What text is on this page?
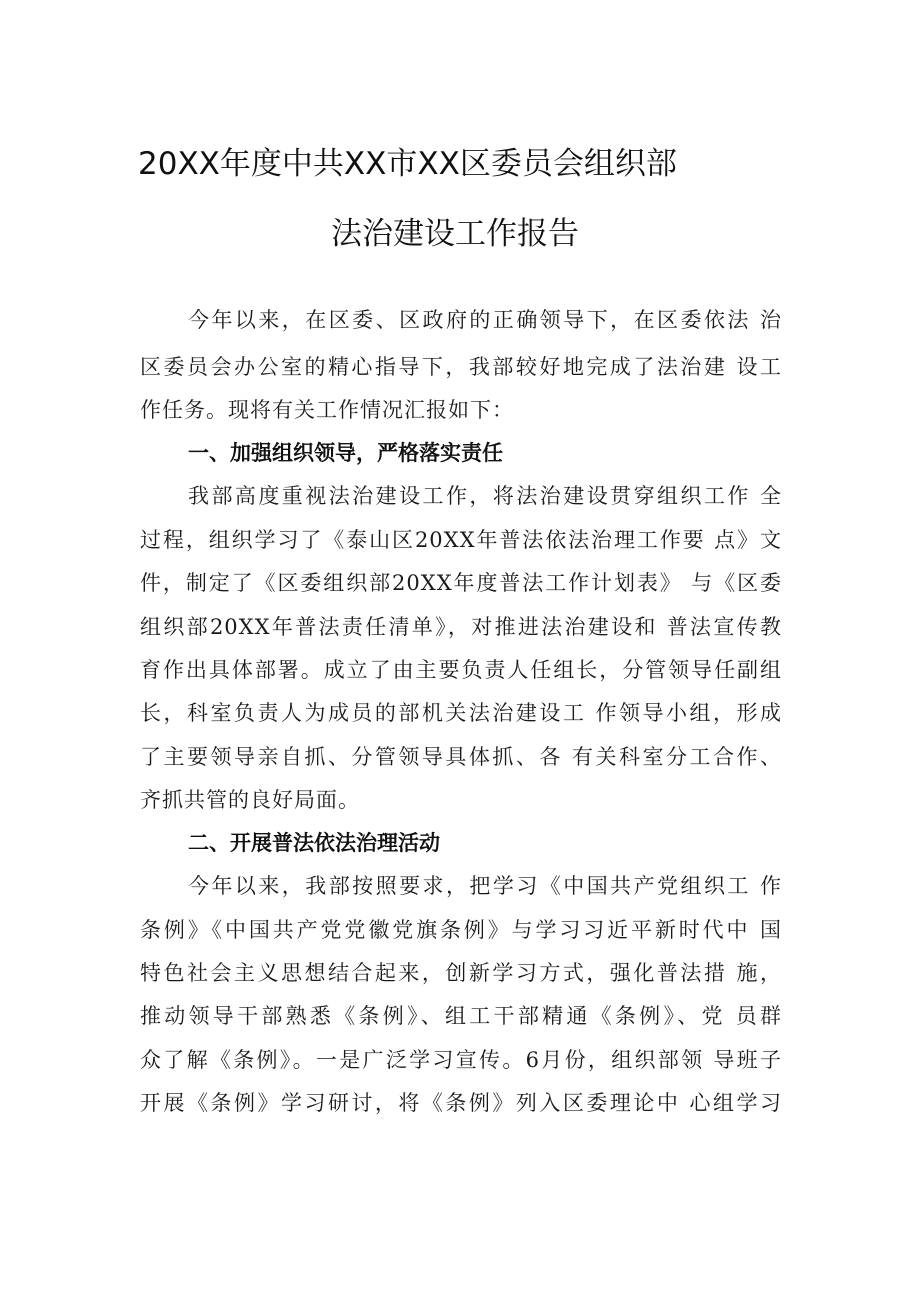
20XX年度中共XX市XX区委员会组织部
法治建设工作报告
今年以来，在区委、区政府的正确领导下，在区委依法 治
区委员会办公室的精心指导下，我部较好地完成了法治建 设工
作任务。现将有关工作情况汇报如下：
一、加强组织领导，严格落实责任
我部高度重视法治建设工作，将法治建设贯穿组织工作 全
过程，组织学习了《泰山区20XX年普法依法治理工作要 点》文
件，制定了《区委组织部20XX年度普法工作计划表》 与《区委
组织部20XX年普法责任清单》，对推进法治建设和 普法宣传教
育作出具体部署。成立了由主要负责人任组长，分管领导任副组
长，科室负责人为成员的部机关法治建设工 作领导小组，形成
了主要领导亲自抓、分管领导具体抓、各 有关科室分工合作、
齐抓共管的良好局面。
二、开展普法依法治理活动
今年以来，我部按照要求，把学习《中国共产党组织工 作
条例》《中国共产党党徽党旗条例》与学习习近平新时代中 国
特色社会主义思想结合起来，创新学习方式，强化普法措 施，
推动领导干部熟悉《条例》、组工干部精通《条例》、党 员群
众了解《条例》。一是广泛学习宣传。6月份，组织部领 导班子
开展《条例》学习研讨，将《条例》列入区委理论中 心组学习
